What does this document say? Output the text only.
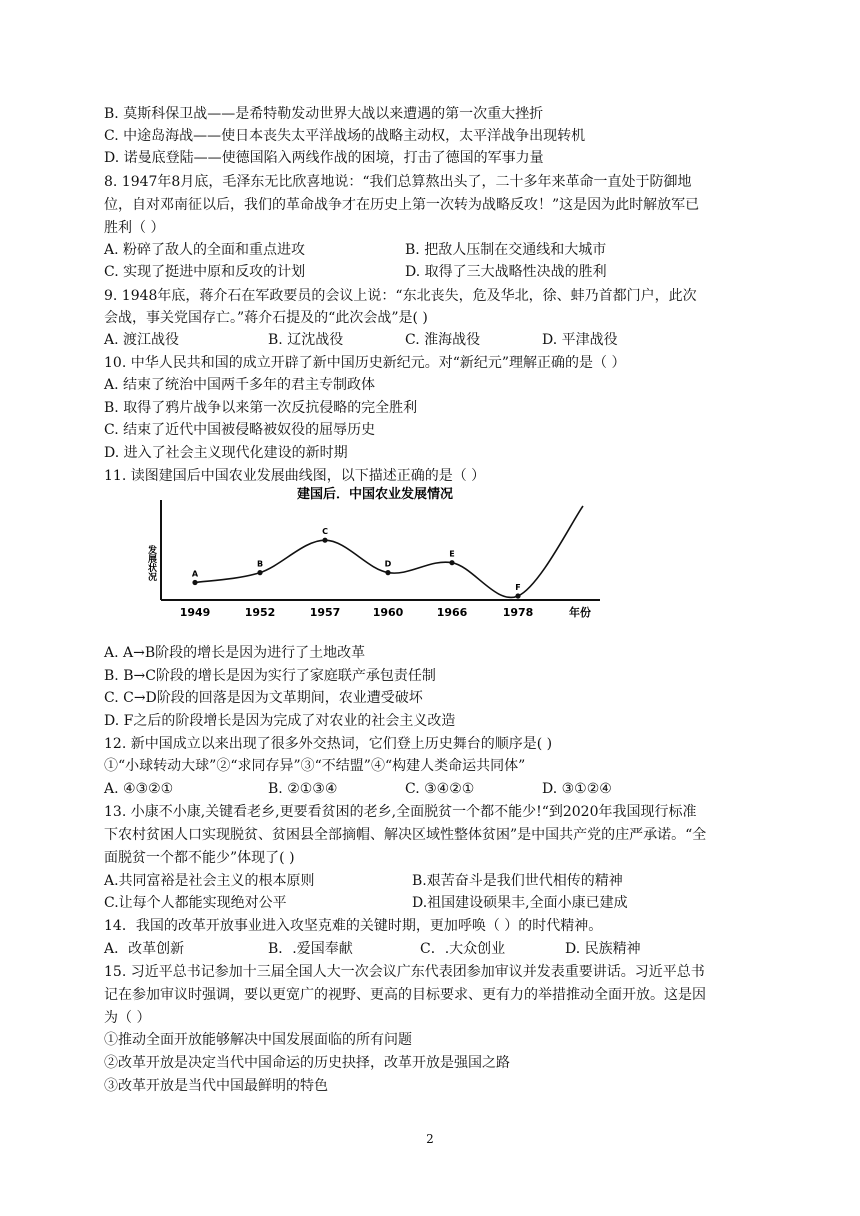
B. 莫斯科保卫战——是希特勒发动世界大战以来遭遇的第一次重大挫折
C. 中途岛海战——使日本丧失太平洋战场的战略主动权，太平洋战争出现转机
D. 诺曼底登陆——使德国陷入两线作战的困境，打击了德国的军事力量
8. 1947年8月底，毛泽东无比欣喜地说：“我们总算熬出头了，二十多年来革命一直处于防御地
位，自对邓南征以后，我们的革命战争才在历史上第一次转为战略反攻！”这是因为此时解放军已
胜利（ ）
A. 粉碎了敌人的全面和重点进攻	B. 把敌人压制在交通线和大城市
C. 实现了挺进中原和反攻的计划	D. 取得了三大战略性决战的胜利
9. 1948年底，蒋介石在军政要员的会议上说：“东北丧失，危及华北，徐、蚌乃首都门户，此次
会战，事关党国存亡。”蒋介石提及的“此次会战”是( )
A. 渡江战役	B. 辽沈战役	C. 淮海战役	D. 平津战役
10. 中华人民共和国的成立开辟了新中国历史新纪元。对“新纪元”理解正确的是（ ）
A. 结束了统治中国两千多年的君主专制政体
B. 取得了鸦片战争以来第一次反抗侵略的完全胜利
C. 结束了近代中国被侵略被奴役的屈辱历史
D. 进入了社会主义现代化建设的新时期
11. 读图建国后中国农业发展曲线图，以下描述正确的是（ ）
建国后．中国农业发展情况
发展状况
年份
A
B
C
D
E
F
1949	1952	1957	1960	1966	1978
A. A→B阶段的增长是因为进行了土地改革
B. B→C阶段的增长是因为实行了家庭联产承包责任制
C. C→D阶段的回落是因为文革期间，农业遭受破坏
D. F之后的阶段增长是因为完成了对农业的社会主义改造
12. 新中国成立以来出现了很多外交热词，它们登上历史舞台的顺序是( )
①“小球转动大球”②“求同存异”③“不结盟”④“构建人类命运共同体”
A. ④③②①	B. ②①③④	C. ③④②①	D. ③①②④
13. 小康不小康,关键看老乡,更要看贫困的老乡,全面脱贫一个都不能少!“到2020年我国现行标准
下农村贫困人口实现脱贫、贫困县全部摘帽、解决区域性整体贫困”是中国共产党的庄严承诺。“全
面脱贫一个都不能少”体现了( )
A.共同富裕是社会主义的根本原则	B.艰苦奋斗是我们世代相传的精神
C.让每个人都能实现绝对公平	D.祖国建设硕果丰,全面小康已建成
14．我国的改革开放事业进入攻坚克难的关键时期，更加呼唤（ ）的时代精神。
A．改革创新	B．.爱国奉献	C．.大众创业	D. 民族精神
15. 习近平总书记参加十三届全国人大一次会议广东代表团参加审议并发表重要讲话。习近平总书
记在参加审议时强调，要以更宽广的视野、更高的目标要求、更有力的举措推动全面开放。这是因
为（ ）
①推动全面开放能够解决中国发展面临的所有问题
②改革开放是决定当代中国命运的历史抉择，改革开放是强国之路
③改革开放是当代中国最鲜明的特色
2
